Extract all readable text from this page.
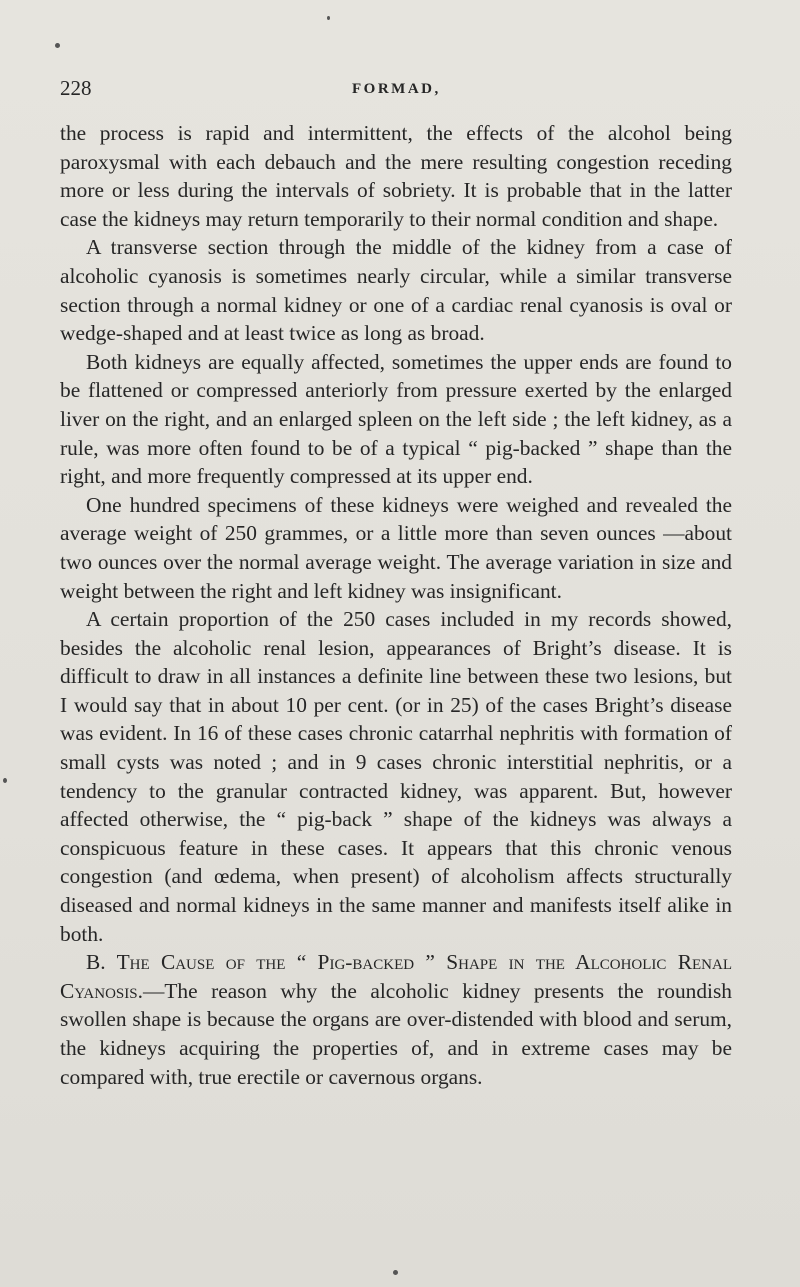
228	FORMAD,

the process is rapid and intermittent, the effects of the alcohol being paroxysmal with each debauch and the mere resulting congestion receding more or less during the intervals of sobriety. It is probable that in the latter case the kidneys may return temporarily to their normal condition and shape.

A transverse section through the middle of the kidney from a case of alcoholic cyanosis is sometimes nearly circular, while a similar transverse section through a normal kidney or one of a cardiac renal cyanosis is oval or wedge-shaped and at least twice as long as broad.

Both kidneys are equally affected, sometimes the upper ends are found to be flattened or compressed anteriorly from pressure exerted by the enlarged liver on the right, and an enlarged spleen on the left side ; the left kidney, as a rule, was more often found to be of a typical “ pig-backed ” shape than the right, and more frequently compressed at its upper end.

One hundred specimens of these kidneys were weighed and revealed the average weight of 250 grammes, or a little more than seven ounces —about two ounces over the normal average weight. The average variation in size and weight between the right and left kidney was insignificant.

A certain proportion of the 250 cases included in my records showed, besides the alcoholic renal lesion, appearances of Bright’s disease. It is difficult to draw in all instances a definite line between these two lesions, but I would say that in about 10 per cent. (or in 25) of the cases Bright’s disease was evident. In 16 of these cases chronic catarrhal nephritis with formation of small cysts was noted ; and in 9 cases chronic interstitial nephritis, or a tendency to the granular contracted kidney, was apparent. But, however affected otherwise, the “ pig-back ” shape of the kidneys was always a conspicuous feature in these cases. It appears that this chronic venous congestion (and œdema, when present) of alcoholism affects structurally diseased and normal kidneys in the same manner and manifests itself alike in both.

B. The Cause of the “ Pig-backed ” Shape in the Alcoholic Renal Cyanosis.—The reason why the alcoholic kidney presents the roundish swollen shape is because the organs are over-distended with blood and serum, the kidneys acquiring the properties of, and in extreme cases may be compared with, true erectile or cavernous organs.
